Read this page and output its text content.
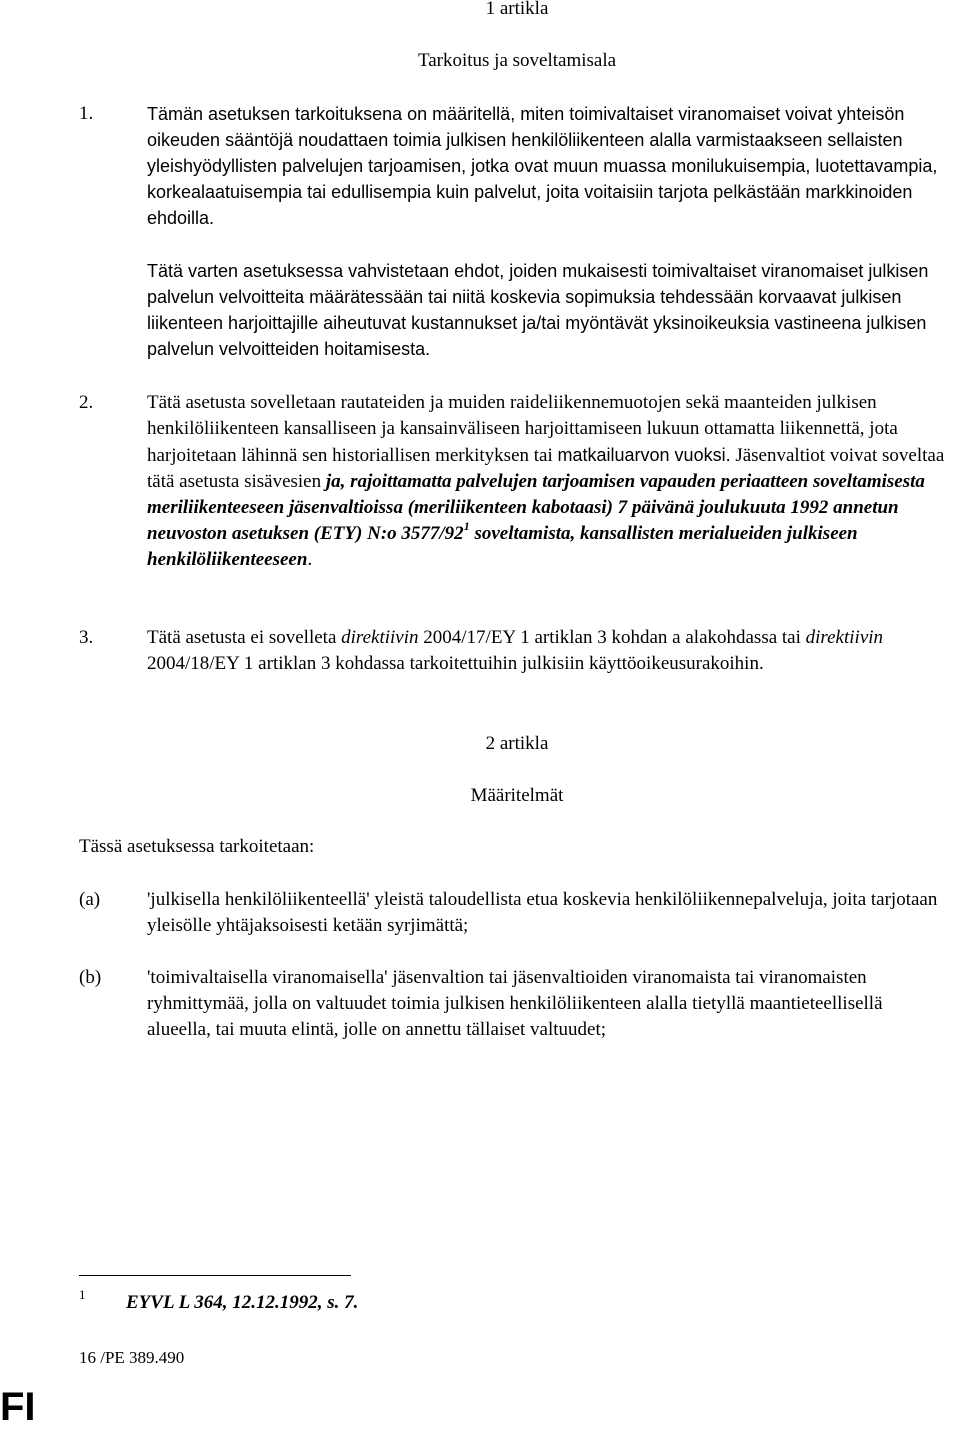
1 artikla
Tarkoitus ja soveltamisala
1.	Tämän asetuksen tarkoituksena on määritellä, miten toimivaltaiset viranomaiset voivat yhteisön oikeuden sääntöjä noudattaen toimia julkisen henkilöliikenteen alalla varmistaakseen sellaisten yleishyödyllisten palvelujen tarjoamisen, jotka ovat muun muassa monilukuisempia, luotettavampia, korkealaatuisempia tai edullisempia kuin palvelut, joita voitaisiin tarjota pelkästään markkinoiden ehdoilla.
Tätä varten asetuksessa vahvistetaan ehdot, joiden mukaisesti toimivaltaiset viranomaiset julkisen palvelun velvoitteita määrätessään tai niitä koskevia sopimuksia tehdessään korvaavat julkisen liikenteen harjoittajille aiheutuvat kustannukset ja/tai myöntävät yksinoikeuksia vastineena julkisen palvelun velvoitteiden hoitamisesta.
2.	Tätä asetusta sovelletaan rautateiden ja muiden raideliikennemuotojen sekä maanteiden julkisen henkilöliikenteen kansalliseen ja kansainväliseen harjoittamiseen lukuun ottamatta liikennettä, jota harjoitetaan lähinnä sen historiallisen merkityksen tai matkailuarvon vuoksi. Jäsenvaltiot voivat soveltaa tätä asetusta sisävesien ja, rajoittamatta palvelujen tarjoamisen vapauden periaatteen soveltamisesta meriliikenteeseen jäsenvaltioissa (meriliikenteen kabotaasi) 7 päivänä joulukuuta 1992 annetun neuvoston asetuksen (ETY) N:o $3577/92^1$ soveltamista, kansallisten merialueiden julkiseen henkilöliikenteeseen.
3.	Tätä asetusta ei sovelleta direktiivin 2004/17/EY 1 artiklan 3 kohdan a alakohdassa tai direktiivin 2004/18/EY 1 artiklan 3 kohdassa tarkoitettuihin julkisiin käyttöoikeusurakoihin.
2 artikla
Määritelmät
Tässä asetuksessa tarkoitetaan:
(a) 'julkisella henkilöliikenteellä' yleistä taloudellista etua koskevia henkilöliikennepalveluja, joita tarjotaan yleisölle yhtäjaksoisesti ketään syrjimättä;
(b) 'toimivaltaisella viranomaisella' jäsenvaltion tai jäsenvaltioiden viranomaista tai viranomaisten ryhmittymää, jolla on valtuudet toimia julkisen henkilöliikenteen alalla tietyllä maantieteellisellä alueella, tai muuta elintä, jolle on annettu tällaiset valtuudet;
1 EYVL L 364, 12.12.1992, s. 7.
16 /PE 389.490
FI
